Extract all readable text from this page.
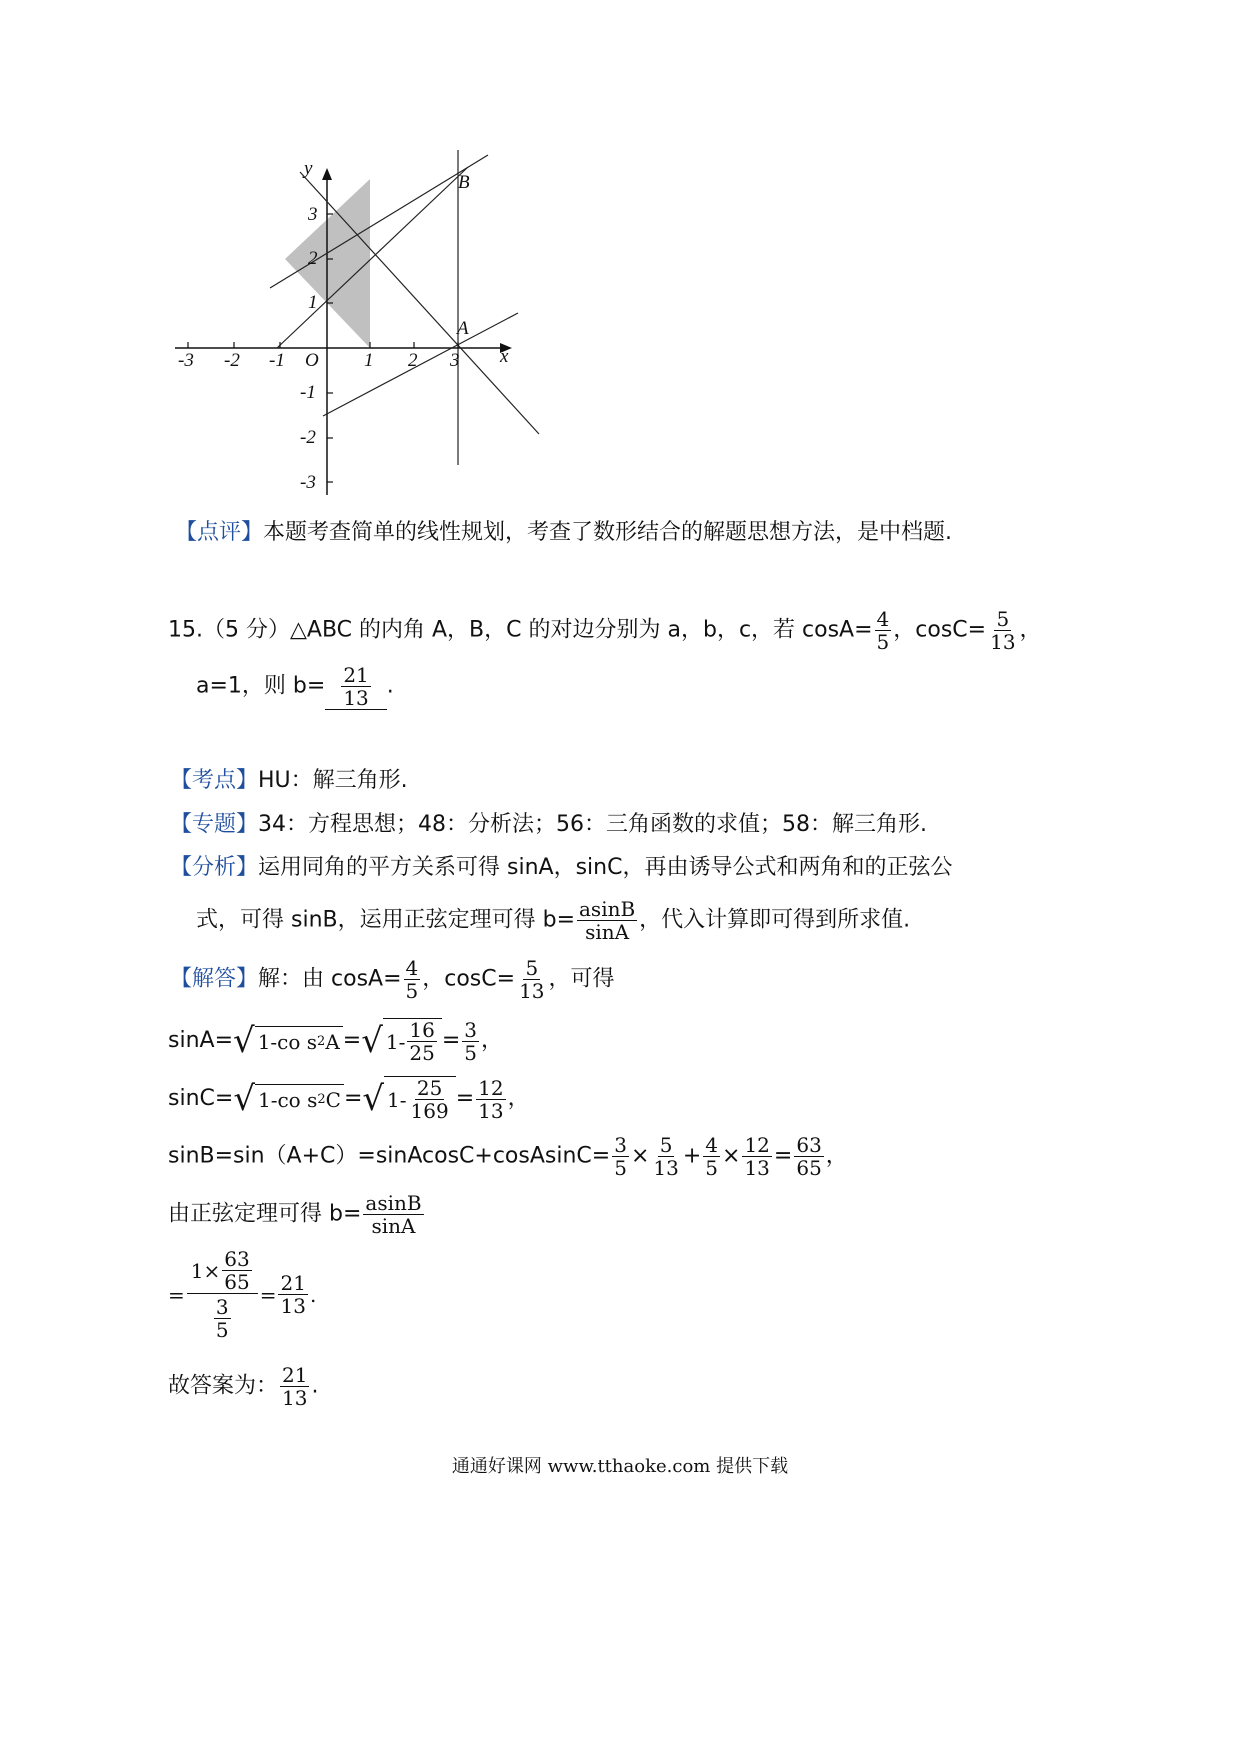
y
x
O
B
A
-3 -2 -1	1 2 3
3
2
1
-1
-2
-3
【点评】本题考查简单的线性规划，考查了数形结合的解题思想方法，是中档题.
15.（5 分）△ABC 的内角 A，B，C 的对边分别为 a，b，c，若 $\cos A= \frac{4}{5}$ ，$\cos C= \frac{5}{13}$ ，
a=1，则 $b= \frac{21}{13}$ .
【考点】HU：解三角形.
【专题】34：方程思想；48：分析法；56：三角函数的求值；58：解三角形.
【分析】运用同角的平方关系可得 sinA，sinC，再由诱导公式和两角和的正弦公
式，可得 sinB，运用正弦定理可得 $b= \frac{asinB}{\sin A}$ ，代入计算即可得到所求值.
【解答】解：由 $\cos A= \frac{4}{5}$ ，$\cos C= \frac{5}{13}$ ，可得
sinA= √ 1-co s 2 A = √ $1- \frac{16}{25} = \frac{3}{5}$ ，
sinC= √ 1-co s 2 C = √ $1- \frac{25}{169} = \frac{12}{13}$ ，
sinB=sin（A+C）=sinAcosC+cosAsinC= $\frac{3}{5} \times \frac{5}{13} + \frac{4}{5} \times \frac{12}{13} = \frac{63}{65}$ ，
由正弦定理可得 $b= \frac{asinB}{\sin A}$
= $\frac{1 \times \frac{63}{65}}{\frac{3}{5}} = \frac{21}{13}$ .
故答案为： $\frac{21}{13}$ .
通通好课网 www.tthaoke.com 提供下载
